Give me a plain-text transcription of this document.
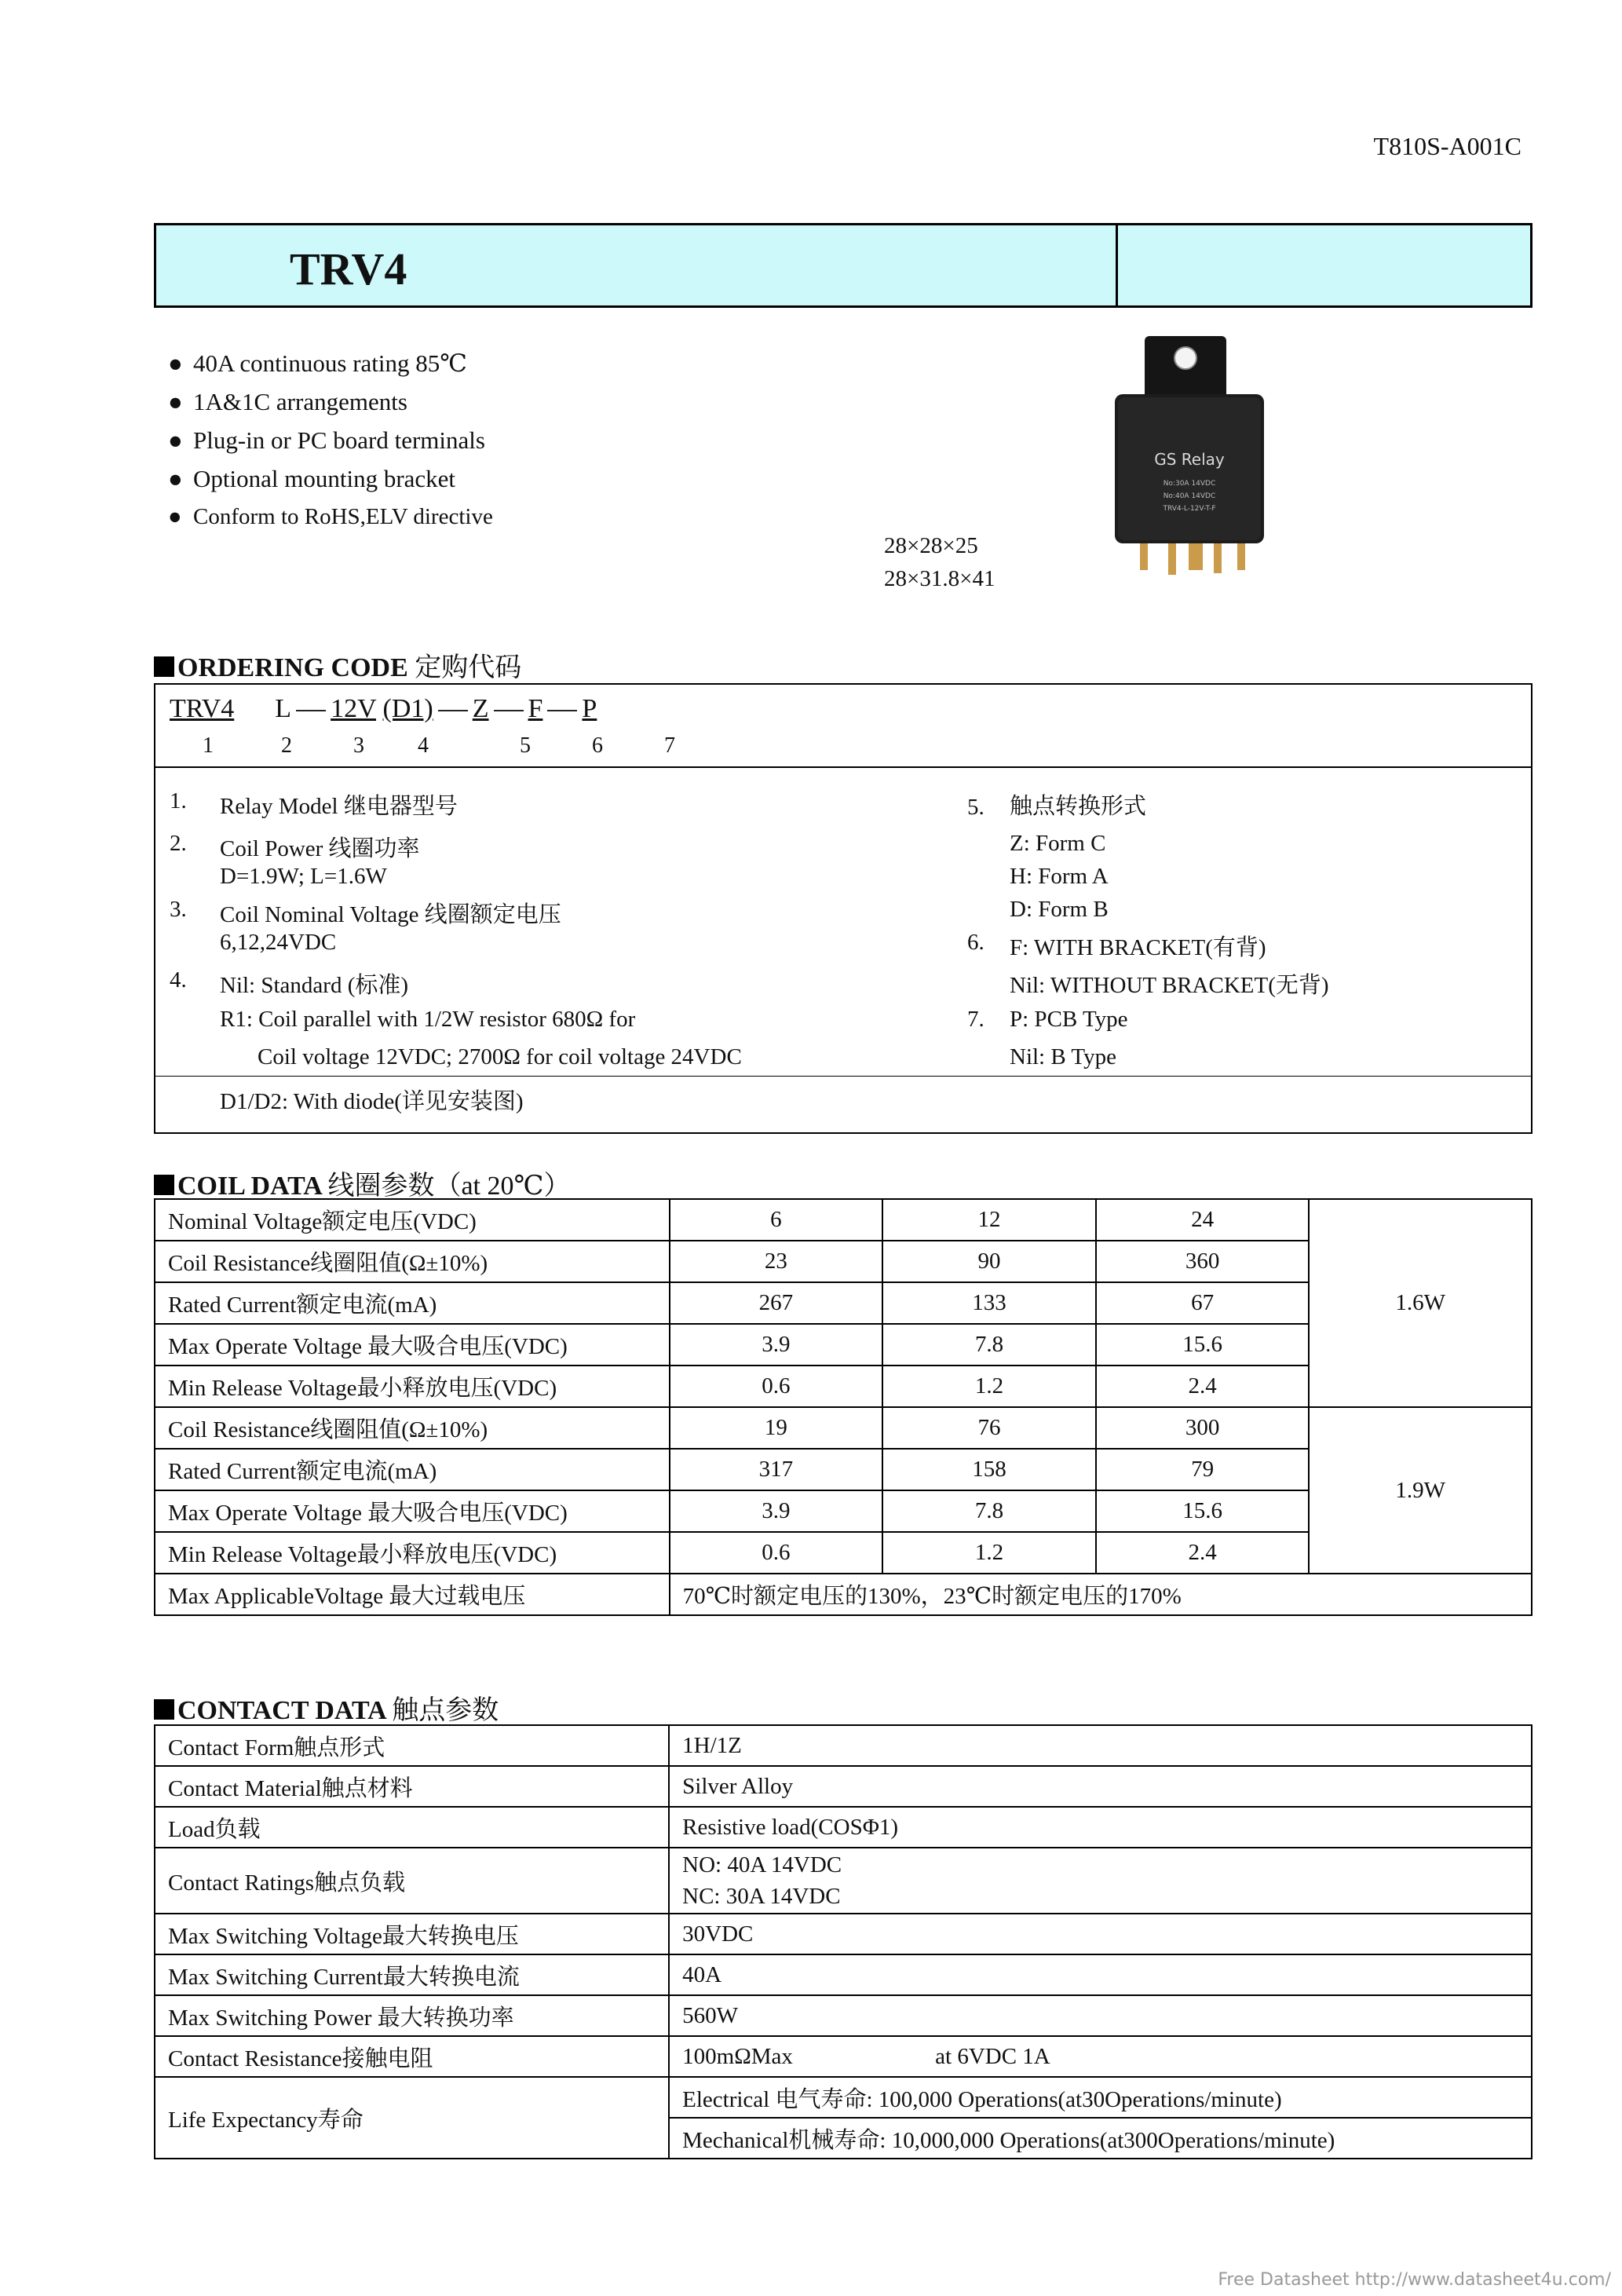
T810S-A001C
TRV4
● 40A continuous rating 85℃
● 1A&1C arrangements
● Plug-in or PC board terminals
● Optional mounting bracket
● Conform to RoHS,ELV directive
28×28×25
28×31.8×41
GS Relay
No:30A 14VDC
No:40A 14VDC
TRV4-L-12V-T-F
ORDERING CODE 定购代码
TRV4 L 12V (D1) Z F P
1	2	3 4	5	6	7
1. Relay Model 继电器型号
2. Coil Power 线圈功率
D=1.9W; L=1.6W
3. Coil Nominal Voltage 线圈额定电压
6,12,24VDC
4. Nil: Standard (标准)
R1: Coil parallel with 1/2W resistor 680Ω for
Coil voltage 12VDC; 2700Ω for coil voltage 24VDC
D1/D2: With diode(详见安装图)
5. 触点转换形式
Z: Form C
H: Form A
D: Form B
6. F: WITH BRACKET(有背)
Nil: WITHOUT BRACKET(无背)
7. P: PCB Type
Nil: B Type
COIL DATA 线圈参数（at 20℃）
Nominal Voltage额定电压(VDC)	6	12	24	1.6W
Coil Resistance线圈阻值(Ω±10%)	23	90	360	
Rated Current额定电流(mA)	267	133	67	
Max Operate Voltage 最大吸合电压(VDC)	3.9	7.8	15.6	
Min Release Voltage最小释放电压(VDC)	0.6	1.2	2.4	
Coil Resistance线圈阻值(Ω±10%)	19	76	300	1.9W
Rated Current额定电流(mA)	317	158	79	
Max Operate Voltage 最大吸合电压(VDC)	3.9	7.8	15.6	
Min Release Voltage最小释放电压(VDC)	0.6	1.2	2.4	
Max ApplicableVoltage 最大过载电压	70℃时额定电压的130%，23℃时额定电压的170%			
CONTACT DATA 触点参数
Contact Form触点形式	1H/1Z
Contact Material触点材料	Silver Alloy
Load负载	Resistive load(COSΦ1)
Contact Ratings触点负载	NO: 40A 14VDC
NC: 30A 14VDC

Max Switching Voltage最大转换电压	30VDC
Max Switching Current最大转换电流	40A
Max Switching Power 最大转换功率	560W
Contact Resistance接触电阻	100mΩMax at 6VDC 1A
Life Expectancy寿命	Electrical 电气寿命: 100,000 Operations(at30Operations/minute)
	Mechanical机械寿命: 10,000,000 Operations(at300Operations/minute)
Free Datasheet http://www.datasheet4u.com/
